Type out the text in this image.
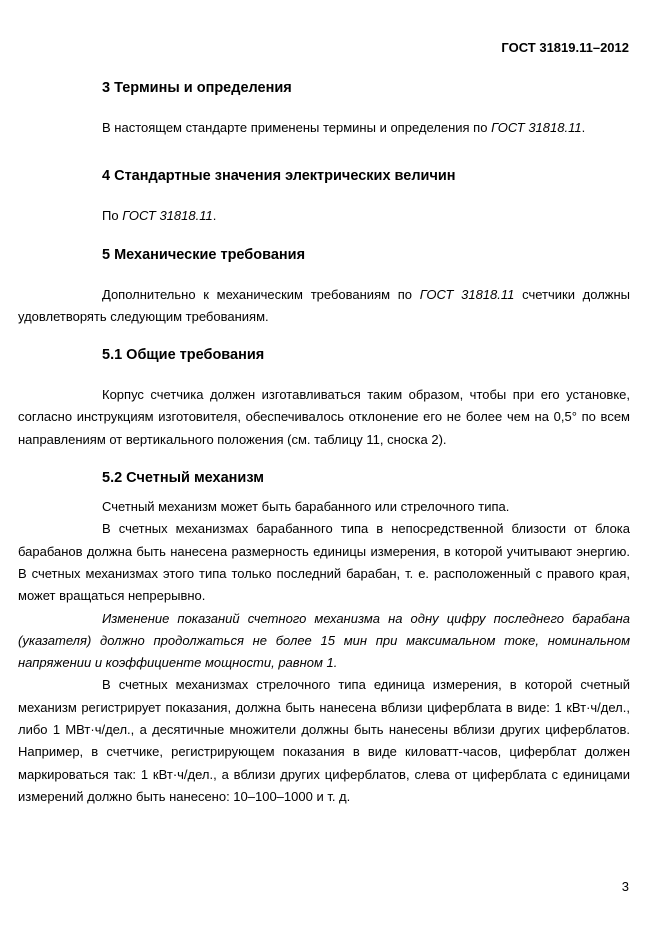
ГОСТ 31819.11–2012
3 Термины и определения
В настоящем стандарте применены термины и определения по ГОСТ 31818.11.
4 Стандартные значения электрических величин
По ГОСТ 31818.11.
5 Механические требования
Дополнительно к механическим требованиям по ГОСТ 31818.11 счетчики должны удовлетворять следующим требованиям.
5.1 Общие требования
Корпус счетчика должен изготавливаться таким образом, чтобы при его установке, согласно инструкциям изготовителя, обеспечивалось отклонение его не более чем на 0,5° по всем направлениям от вертикального положения (см. таблицу 11, сноска 2).
5.2 Счетный механизм
Счетный механизм может быть барабанного или стрелочного типа.
В счетных механизмах барабанного типа в непосредственной близости от блока барабанов должна быть нанесена размерность единицы измерения, в которой учитывают энергию. В счетных механизмах этого типа только последний барабан, т. е. расположенный с правого края, может вращаться непрерывно.
Изменение показаний счетного механизма на одну цифру последнего барабана (указателя) должно продолжаться не более 15 мин при максимальном токе, номинальном напряжении и коэффициенте мощности, равном 1.
В счетных механизмах стрелочного типа единица измерения, в которой счетный механизм регистрирует показания, должна быть нанесена вблизи циферблата в виде: 1 кВт·ч/дел., либо 1 МВт·ч/дел., а десятичные множители должны быть нанесены вблизи других циферблатов. Например, в счетчике, регистрирующем показания в виде киловатт-часов, циферблат должен маркироваться так: 1 кВт·ч/дел., а вблизи других циферблатов, слева от циферблата с единицами измерений должно быть нанесено: 10–100–1000 и т. д.
3
